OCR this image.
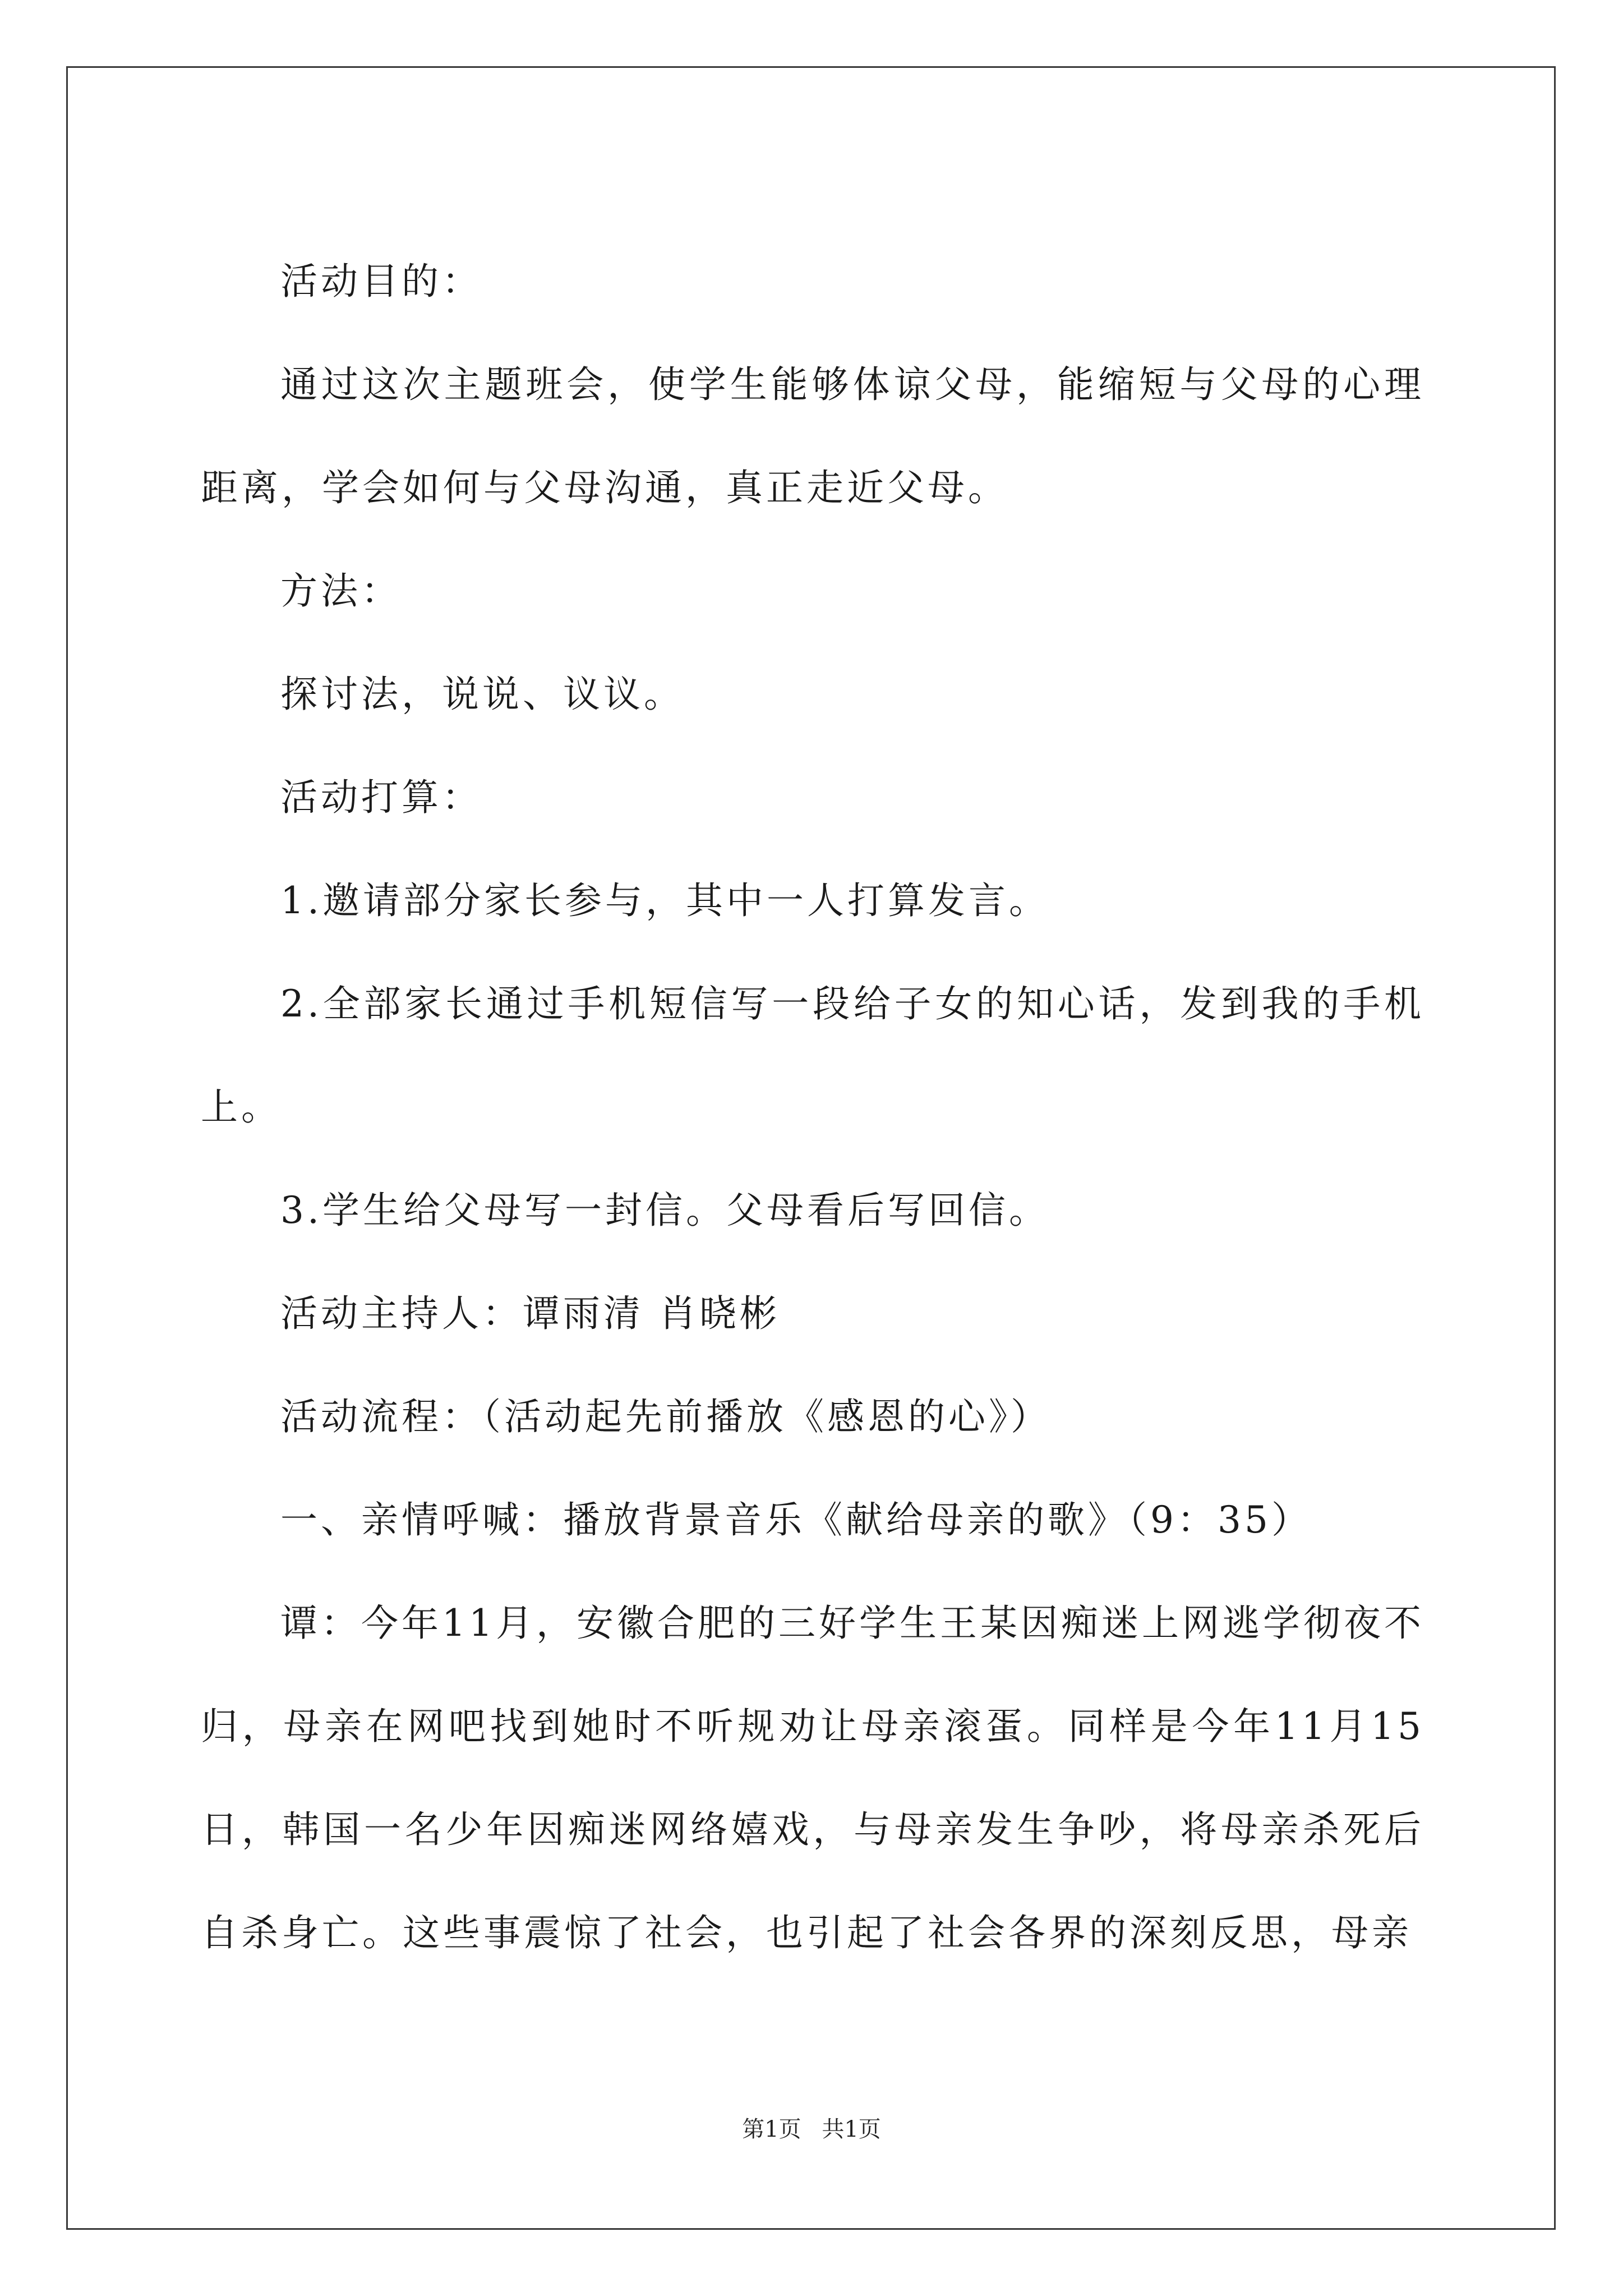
活动目的：

通过这次主题班会，使学生能够体谅父母，能缩短与父母的心理距离，学会如何与父母沟通，真正走近父母。

方法：

探讨法，说说、议议。

活动打算：

1.邀请部分家长参与，其中一人打算发言。

2.全部家长通过手机短信写一段给子女的知心话，发到我的手机上。

3.学生给父母写一封信。父母看后写回信。

活动主持人：谭雨清 肖晓彬

活动流程：（活动起先前播放《感恩的心》）

一、亲情呼喊：播放背景音乐《献给母亲的歌》（9：35）

谭：今年11月，安徽合肥的三好学生王某因痴迷上网逃学彻夜不归，母亲在网吧找到她时不听规劝让母亲滚蛋。同样是今年11月15日，韩国一名少年因痴迷网络嬉戏，与母亲发生争吵，将母亲杀死后自杀身亡。这些事震惊了社会，也引起了社会各界的深刻反思，母亲

第1页 共1页
